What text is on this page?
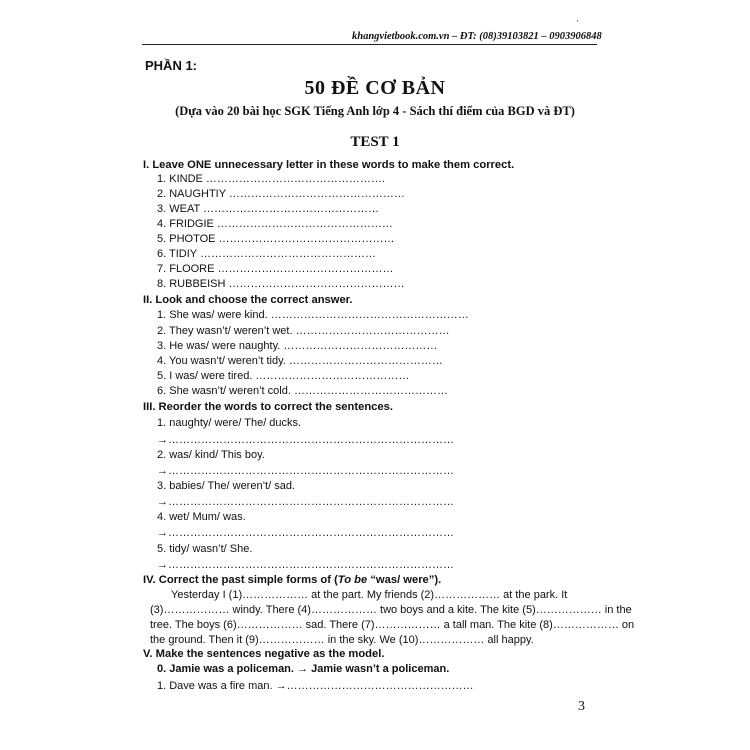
'
khangvietbook.com.vn – ĐT: (08)39103821 – 0903906848
PHẦN 1:
50 ĐỀ CƠ BẢN
(Dựa vào 20 bài học SGK Tiếng Anh lớp 4 - Sách thí điểm của BGD và ĐT)
TEST 1
I. Leave ONE unnecessary letter in these words to make them correct.
1. KINDE ………………………………………….
2. NAUGHTIY …………………………………………
3. WEAT …………………………………………
4. FRIDGIE …………………………………………
5. PHOTOE …………………………………………
6. TIDIY …………………………………………
7. FLOORE …………………………………………
8. RUBBEISH …………………………………………
II. Look and choose the correct answer.
1. She was/ were kind. ………………………………………………
2. They wasn’t/ weren’t wet. ……………………………………
3. He was/ were naughty. ……………………………………
4. You wasn’t/ weren’t tidy. ……………………………………
5. I was/ were tired. ……………………………………
6. She wasn’t/ weren’t cold. ……………………………………
III. Reorder the words to correct the sentences.
1. naughty/ were/ The/ ducks.
→……………………………………………………………………
2. was/ kind/ This boy.
→……………………………………………………………………
3. babies/ The/ weren’t/ sad.
→……………………………………………………………………
4. wet/ Mum/ was.
→……………………………………………………………………
5. tidy/ wasn’t/ She.
→……………………………………………………………………
IV. Correct the past simple forms of (To be “was/ were”).
Yesterday I (1)……………… at the part. My friends (2)……………… at the park. It
(3)……………… windy. There (4)……………… two boys and a kite. The kite (5)……………… in the
tree. The boys (6)……………… sad. There (7)……………… a tall man. The kite (8)……………… on
the ground. Then it (9)……………… in the sky. We (10)……………… all happy.
V. Make the sentences negative as the model.
0. Jamie was a policeman. → Jamie wasn’t a policeman.
1. Dave was a fire man. →……………………………………………
3
